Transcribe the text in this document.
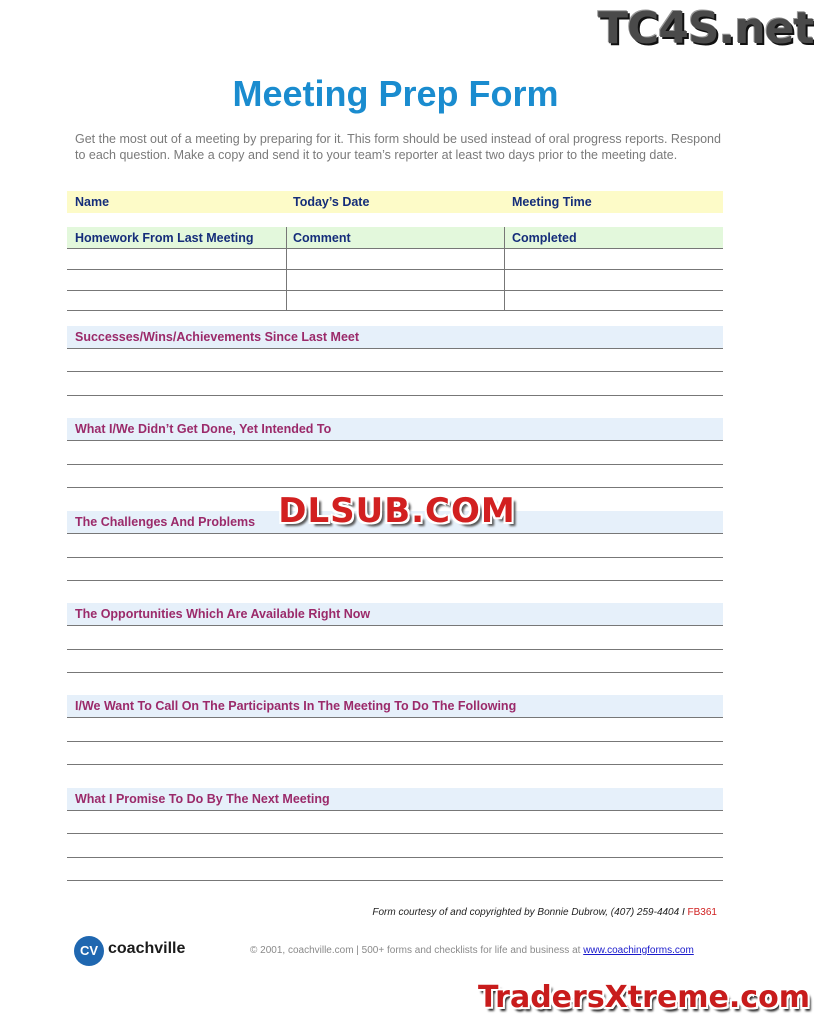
TC4S.net
Meeting Prep Form

Get the most out of a meeting by preparing for it. This form should be used instead of oral progress reports. Respond to each question. Make a copy and send it to your team’s reporter at least two days prior to the meeting date.

Name	Today’s Date	Meeting Time
Homework From Last Meeting	Comment	Completed
Successes/Wins/Achievements Since Last Meet
What I/We Didn’t Get Done, Yet Intended To
The Challenges And Problems
The Opportunities Which Are Available Right Now
I/We Want To Call On The Participants In The Meeting To Do The Following
What I Promise To Do By The Next Meeting
DLSUB.COM
Form courtesy of and copyrighted by Bonnie Dubrow, (407) 259-4404 I FB361
CV coachville	© 2001, coachville.com | 500+ forms and checklists for life and business at www.coachingforms.com
TradersXtreme.com
